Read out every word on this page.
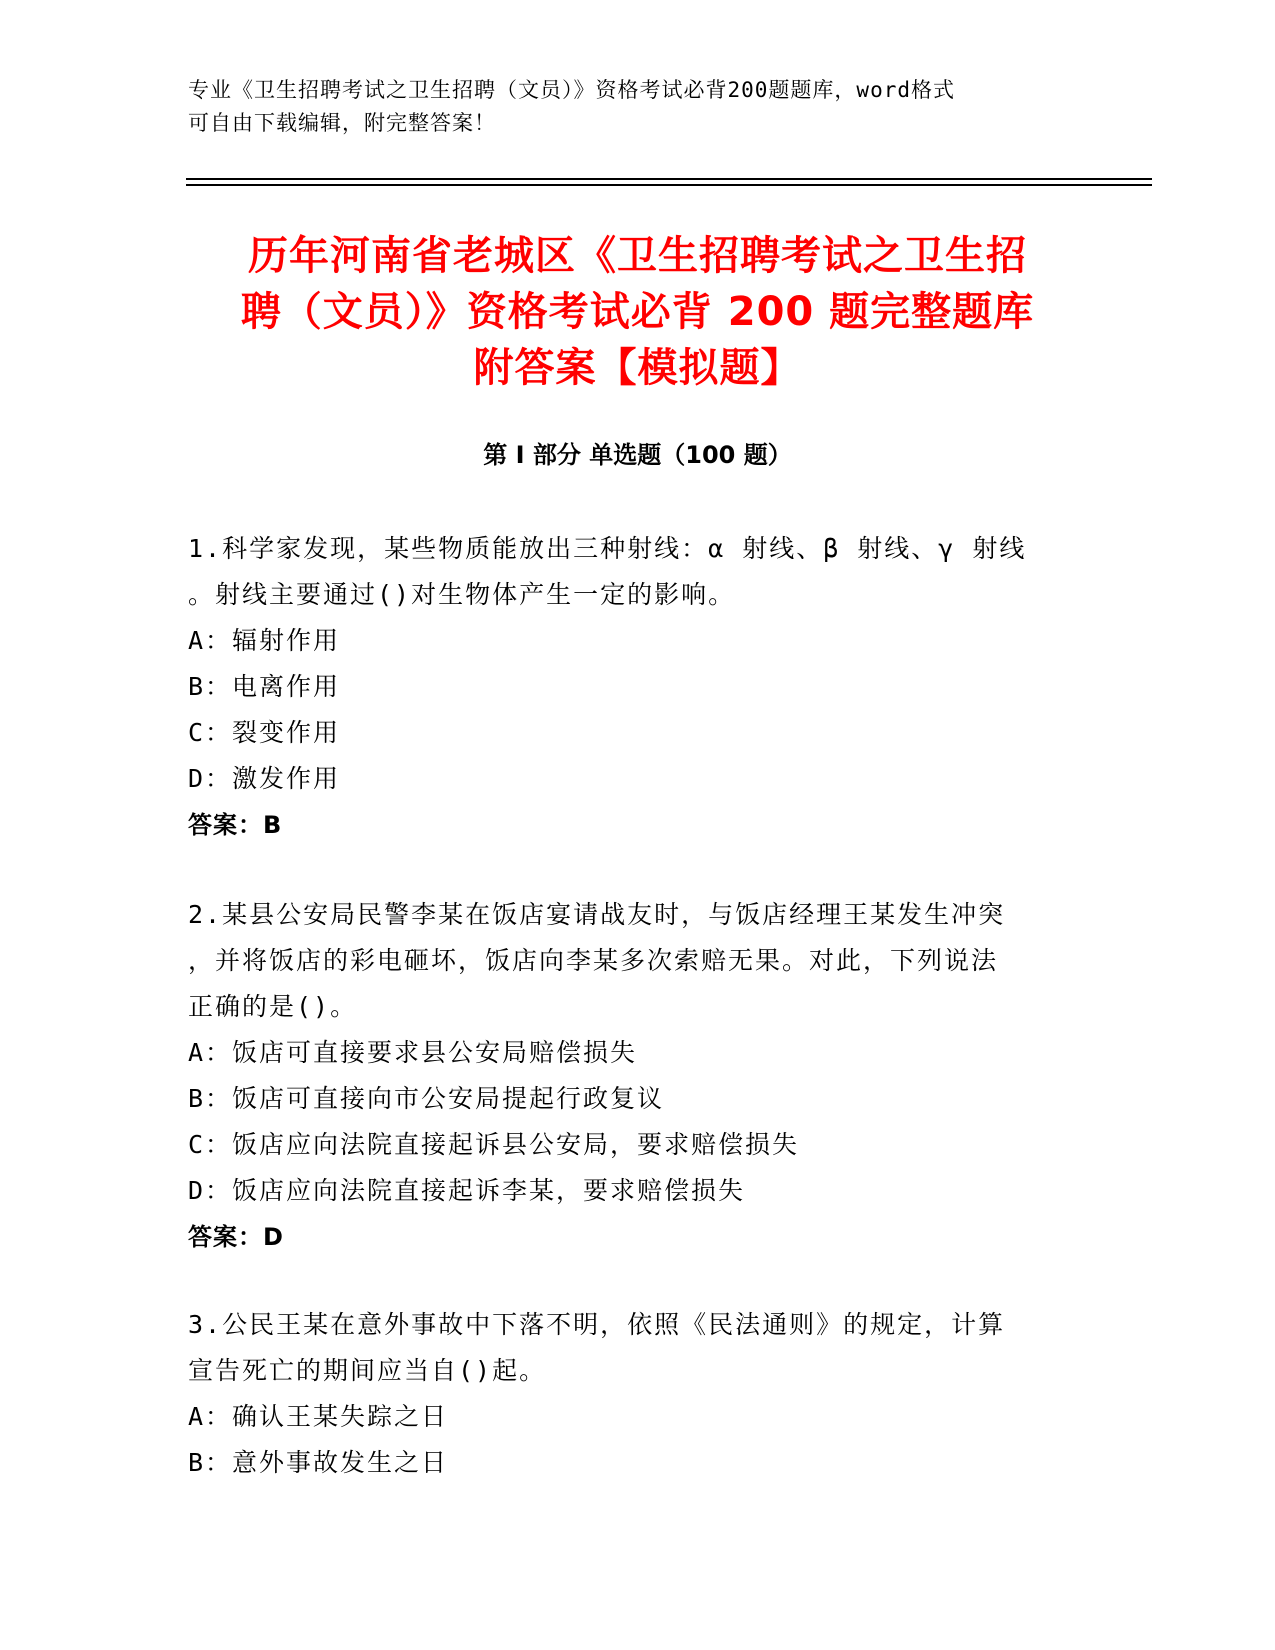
专业《卫生招聘考试之卫生招聘（文员）》资格考试必背200题题库，word格式
可自由下载编辑，附完整答案！
历年河南省老城区《卫生招聘考试之卫生招
聘（文员）》资格考试必背 200 题完整题库
附答案【模拟题】
第 I 部分 单选题（100 题）
1.科学家发现，某些物质能放出三种射线：α 射线、β 射线、γ 射线
。射线主要通过()对生物体产生一定的影响。
A：辐射作用
B：电离作用
C：裂变作用
D：激发作用
答案：B
2.某县公安局民警李某在饭店宴请战友时，与饭店经理王某发生冲突
，并将饭店的彩电砸坏，饭店向李某多次索赔无果。对此，下列说法
正确的是()。
A：饭店可直接要求县公安局赔偿损失
B：饭店可直接向市公安局提起行政复议
C：饭店应向法院直接起诉县公安局，要求赔偿损失
D：饭店应向法院直接起诉李某，要求赔偿损失
答案：D
3.公民王某在意外事故中下落不明，依照《民法通则》的规定，计算
宣告死亡的期间应当自()起。
A：确认王某失踪之日
B：意外事故发生之日
